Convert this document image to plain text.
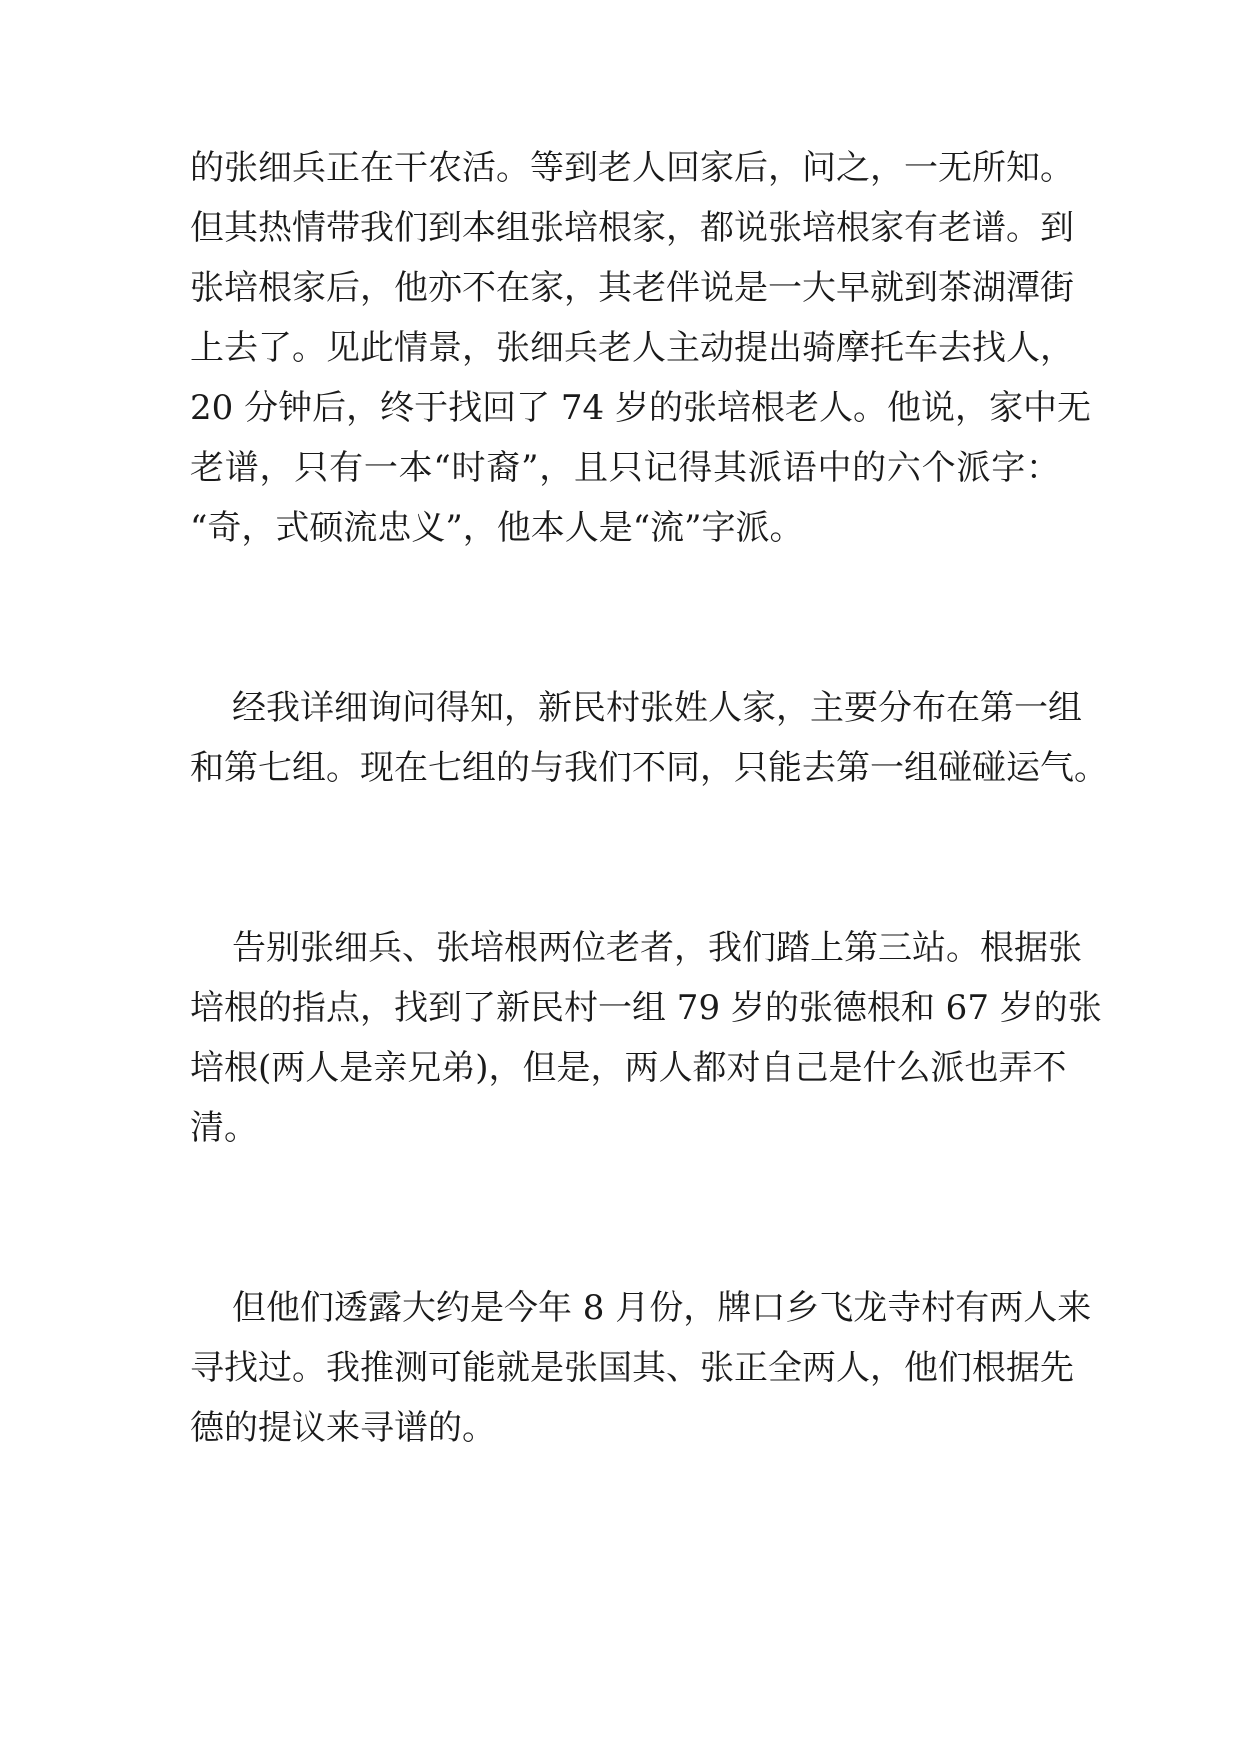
的张细兵正在干农活。等到老人回家后，问之，一无所知。
但其热情带我们到本组张培根家，都说张培根家有老谱。到
张培根家后，他亦不在家，其老伴说是一大早就到茶湖潭街
上去了。见此情景，张细兵老人主动提出骑摩托车去找人，
20 分钟后，终于找回了 74 岁的张培根老人。他说，家中无
老谱，只有一本“时裔”，且只记得其派语中的六个派字：
“奇，式硕流忠义”，他本人是“流”字派。
经我详细询问得知，新民村张姓人家，主要分布在第一组
和第七组。现在七组的与我们不同，只能去第一组碰碰运气。
告别张细兵、张培根两位老者，我们踏上第三站。根据张
培根的指点，找到了新民村一组 79 岁的张德根和 67 岁的张
培根(两人是亲兄弟)，但是，两人都对自己是什么派也弄不
清。
但他们透露大约是今年 8 月份，牌口乡飞龙寺村有两人来
寻找过。我推测可能就是张国其、张正全两人，他们根据先
德的提议来寻谱的。
